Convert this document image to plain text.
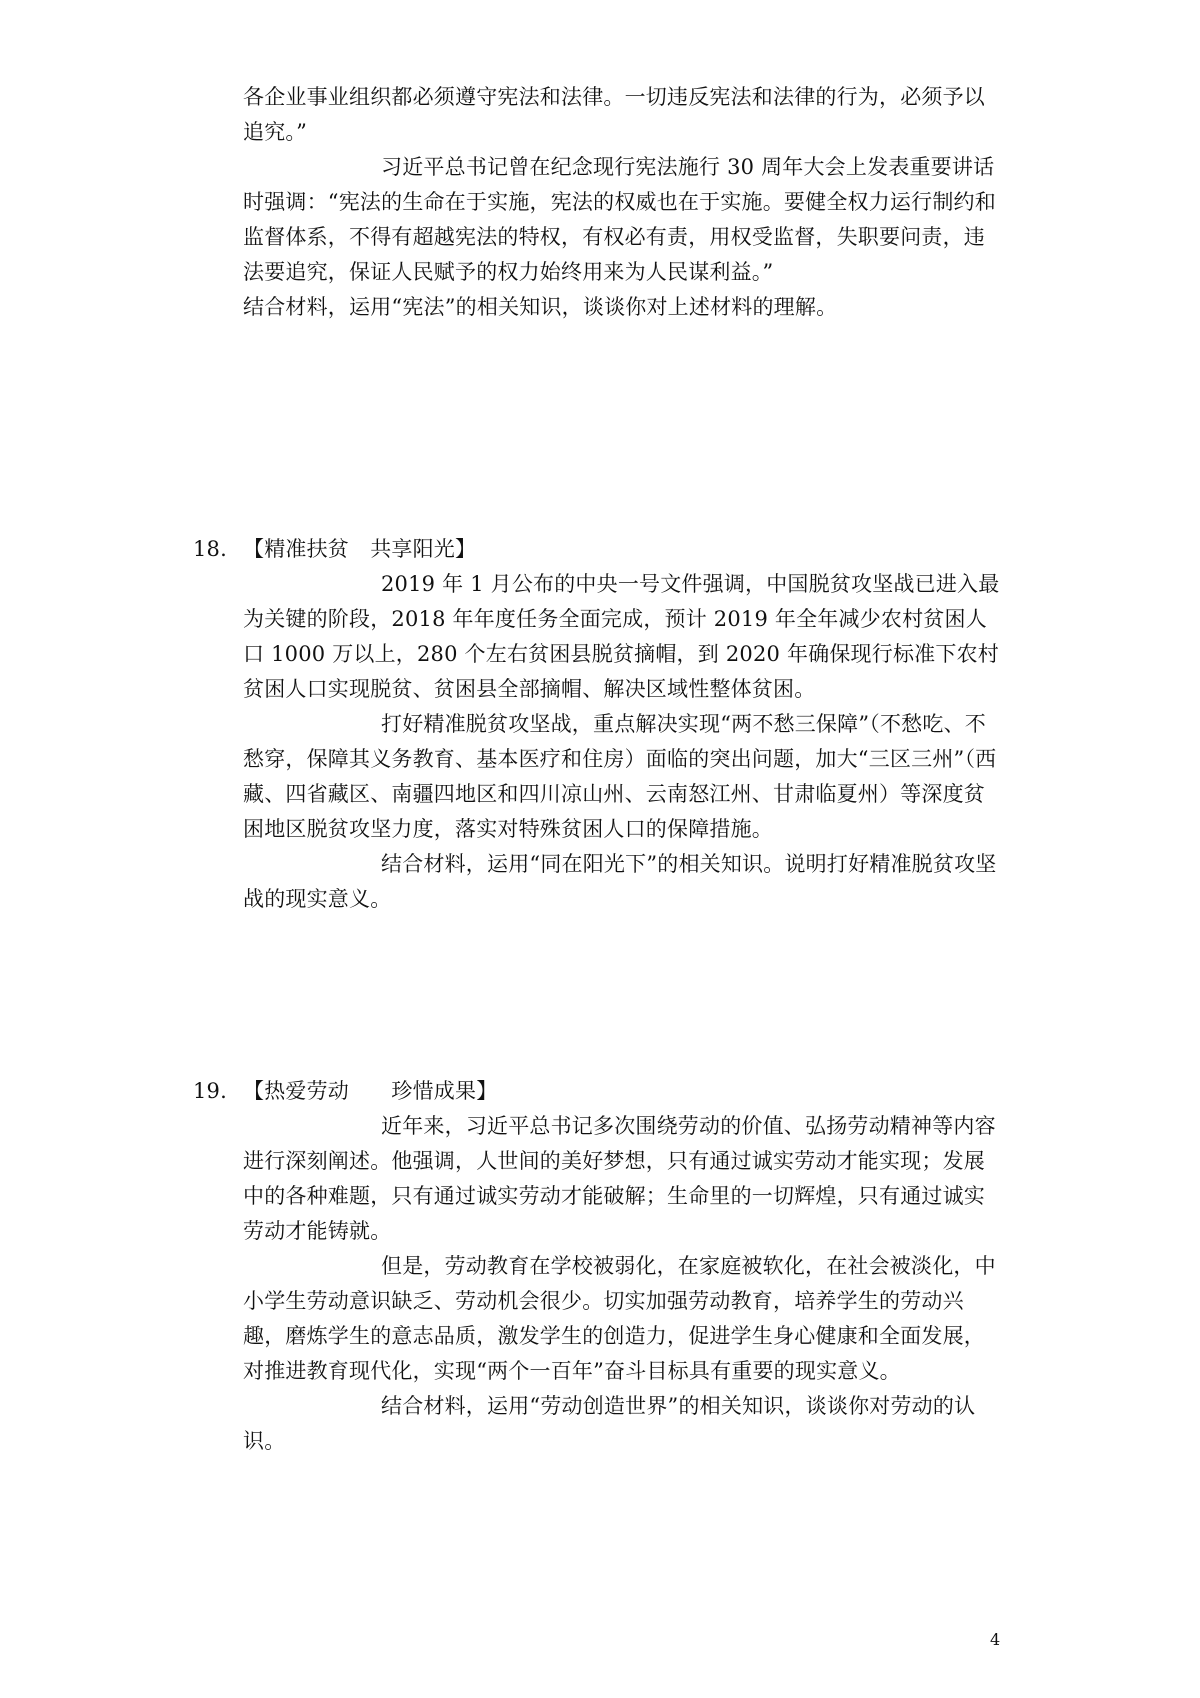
各企业事业组织都必须遵守宪法和法律。一切违反宪法和法律的行为，必须予以追究。”

习近平总书记曾在纪念现行宪法施行 30 周年大会上发表重要讲话时强调：“宪法的生命在于实施，宪法的权威也在于实施。要健全权力运行制约和监督体系，不得有超越宪法的特权，有权必有责，用权受监督，失职要问责，违法要追究，保证人民赋予的权力始终用来为人民谋利益。”

结合材料，运用“宪法”的相关知识，谈谈你对上述材料的理解。

18. 【精准扶贫　共享阳光】

2019 年 1 月公布的中央一号文件强调，中国脱贫攻坚战已进入最为关键的阶段，2018 年年度任务全面完成，预计 2019 年全年减少农村贫困人口 1000 万以上，280 个左右贫困县脱贫摘帽，到 2020 年确保现行标准下农村贫困人口实现脱贫、贫困县全部摘帽、解决区域性整体贫困。

打好精准脱贫攻坚战，重点解决实现“两不愁三保障”（不愁吃、不愁穿，保障其义务教育、基本医疗和住房）面临的突出问题，加大“三区三州”（西藏、四省藏区、南疆四地区和四川凉山州、云南怒江州、甘肃临夏州）等深度贫困地区脱贫攻坚力度，落实对特殊贫困人口的保障措施。

结合材料，运用“同在阳光下”的相关知识。说明打好精准脱贫攻坚战的现实意义。

19. 【热爱劳动　　珍惜成果】

近年来，习近平总书记多次围绕劳动的价值、弘扬劳动精神等内容进行深刻阐述。他强调，人世间的美好梦想，只有通过诚实劳动才能实现；发展中的各种难题，只有通过诚实劳动才能破解；生命里的一切辉煌，只有通过诚实劳动才能铸就。

但是，劳动教育在学校被弱化，在家庭被软化，在社会被淡化，中小学生劳动意识缺乏、劳动机会很少。切实加强劳动教育，培养学生的劳动兴趣，磨炼学生的意志品质，激发学生的创造力，促进学生身心健康和全面发展，对推进教育现代化，实现“两个一百年”奋斗目标具有重要的现实意义。

结合材料，运用“劳动创造世界”的相关知识，谈谈你对劳动的认识。

4
